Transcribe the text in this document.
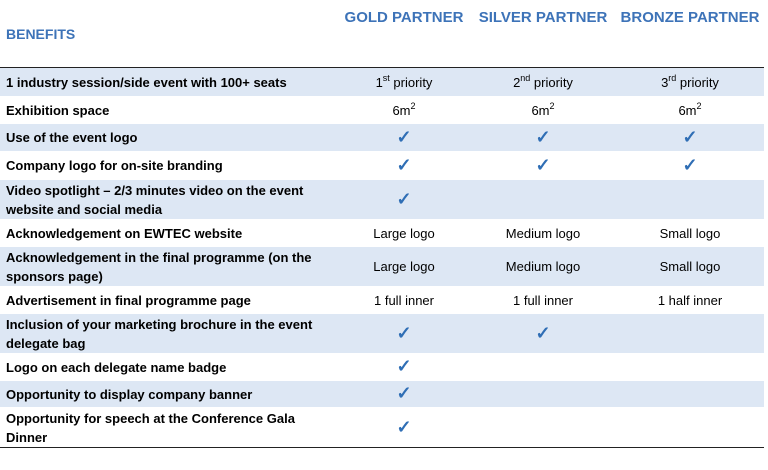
BENEFITS	GOLD PARTNER	SILVER PARTNER	BRONZE PARTNER
1 industry session/side event with 100+ seats	1st priority	2nd priority	3rd priority
Exhibition space	$6m^2$	$6m^2$	$6m^2$
Use of the event logo	✓	✓	✓
Company logo for on-site branding	✓	✓	✓
Video spotlight – 2/3 minutes video on the event website and social media	✓		
Acknowledgement on EWTEC website	Large logo	Medium logo	Small logo
Acknowledgement in the final programme (on the sponsors page)	Large logo	Medium logo	Small logo
Advertisement in final programme page	1 full inner	1 full inner	1 half inner
Inclusion of your marketing brochure in the event delegate bag	✓	✓	
Logo on each delegate name badge	✓		
Opportunity to display company banner	✓		
Opportunity for speech at the Conference Gala Dinner	✓		
